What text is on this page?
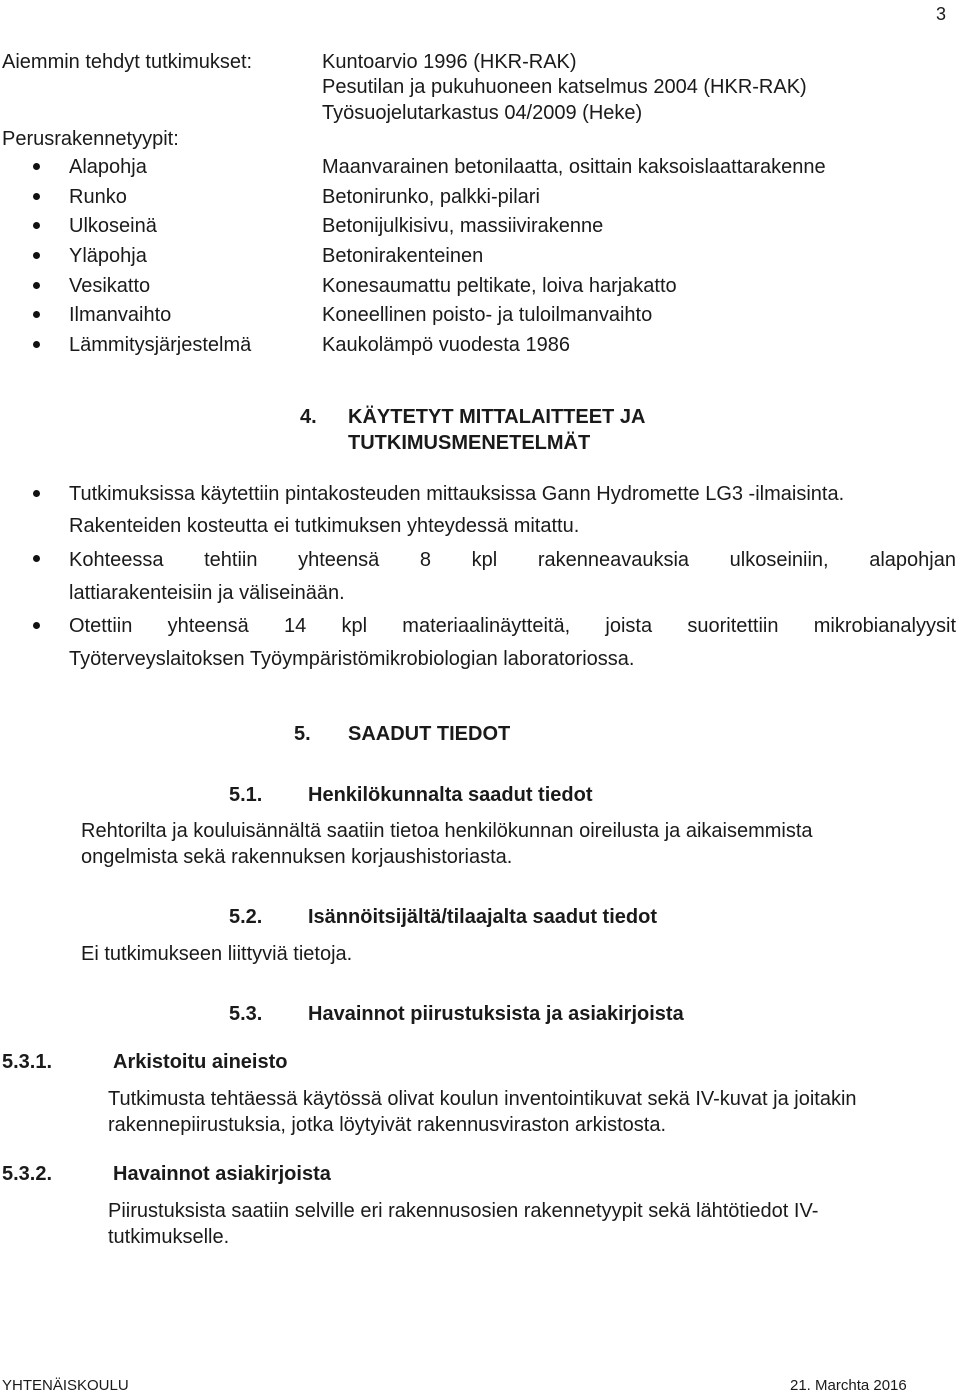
3
Aiemmin tehdyt tutkimukset:	Kuntoarvio 1996 (HKR-RAK)
Pesutilan ja pukuhuoneen katselmus 2004 (HKR-RAK)
Työsuojelutarkastus 04/2009 (Heke)
Perusrakennetyypit:
Alapohja	Maanvarainen betonilaatta, osittain kaksoislaattarakenne
Runko	Betonirunko, palkki-pilari
Ulkoseinä	Betonijulkisivu, massiivirakenne
Yläpohja	Betonirakenteinen
Vesikatto	Konesaumattu peltikate, loiva harjakatto
Ilmanvaihto	Koneellinen poisto- ja tuloilmanvaihto
Lämmitysjärjestelmä	Kaukolämpö vuodesta 1986
4. KÄYTETYT MITTALAITTEET JA
TUTKIMUSMENETELMÄT
Tutkimuksissa käytettiin pintakosteuden mittauksissa Gann Hydromette LG3 -ilmaisinta.
Rakenteiden kosteutta ei tutkimuksen yhteydessä mitattu.
Kohteessa tehtiin yhteensä 8 kpl rakenneavauksia ulkoseiniin, alapohjan
lattiarakenteisiin ja väliseinään.
Otettiin yhteensä 14 kpl materiaalinäytteitä, joista suoritettiin mikrobianalyysit
Työterveyslaitoksen Työympäristömikrobiologian laboratoriossa.
5. SAADUT TIEDOT
5.1. Henkilökunnalta saadut tiedot
Rehtorilta ja kouluisännältä saatiin tietoa henkilökunnan oireilusta ja aikaisemmista
ongelmista sekä rakennuksen korjaushistoriasta.
5.2. Isännöitsijältä/tilaajalta saadut tiedot
Ei tutkimukseen liittyviä tietoja.
5.3. Havainnot piirustuksista ja asiakirjoista
5.3.1.	Arkistoitu aineisto
Tutkimusta tehtäessä käytössä olivat koulun inventointikuvat sekä IV-kuvat ja joitakin
rakennepiirustuksia, jotka löytyivät rakennusviraston arkistosta.
5.3.2.	Havainnot asiakirjoista
Piirustuksista saatiin selville eri rakennusosien rakennetyypit sekä lähtötiedot IV-
tutkimukselle.
YHTENÄISKOULU	21. Marchta 2016
